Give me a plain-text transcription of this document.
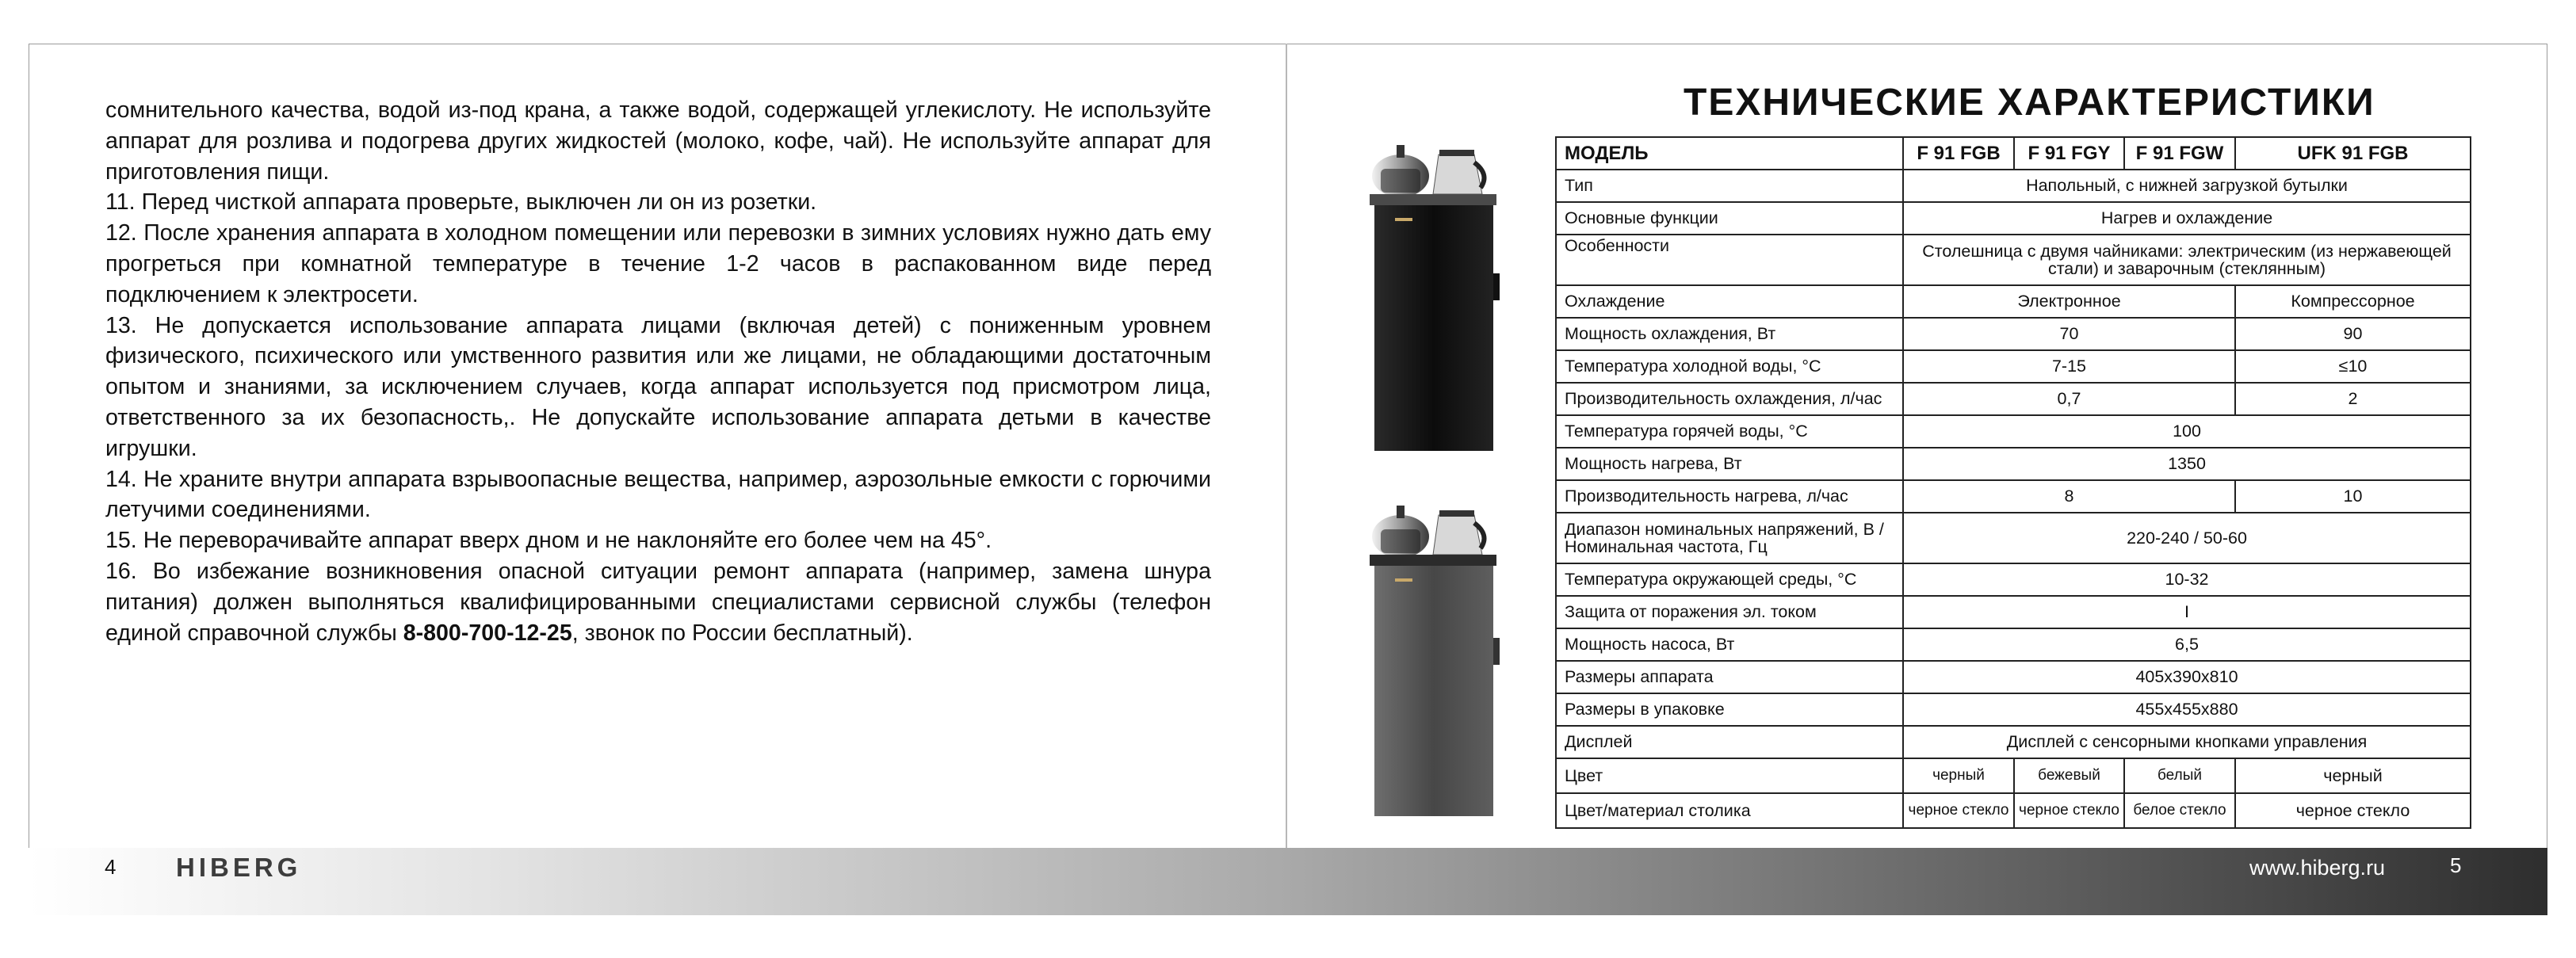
сомнительного качества, водой из-под крана, а также водой, содержащей углекислоту. Не используйте аппарат для розлива и подогрева других жидкостей (молоко, кофе, чай). Не используйте аппарат для приготовления пищи.

11. Перед чисткой аппарата проверьте, выключен ли он из розетки.

12. После хранения аппарата в холодном помещении или перевозки в зимних условиях нужно дать ему прогреться при комнатной температуре в течение 1-2 часов в распакованном виде перед подключением к электросети.

13. Не допускается использование аппарата лицами (включая детей) с пониженным уровнем физического, психического или умственного развития или же лицами, не обладающими достаточным опытом и знаниями, за исключением случаев, когда аппарат используется под присмотром лица, ответственного за их безопасность,. Не допускайте использование аппарата детьми в качестве игрушки.

14. Не храните внутри аппарата взрывоопасные вещества, например, аэрозольные емкости с горючими летучими соединениями.

15. Не переворачивайте аппарат вверх дном и не наклоняйте его более чем на 45°.

16. Во избежание возникновения опасной ситуации ремонт аппарата (например, замена шнура питания) должен выполняться квалифицированными специалистами сервисной службы (телефон единой справочной службы 8-800-700-12-25, звонок по России бесплатный).

ТЕХНИЧЕСКИЕ ХАРАКТЕРИСТИКИ
МОДЕЛЬ	F 91 FGB	F 91 FGY	F 91 FGW	UFK 91 FGB
Тип	Напольный, с нижней загрузкой бутылки			
Основные функции	Нагрев и охлаждение			
Особенности	Столешница с двумя чайниками: электрическим (из нержавеющей стали) и заварочным (стеклянным)			
Охлаждение	Электронное			Компрессорное
Мощность охлаждения, Вт	70			90
Температура холодной воды, °С	7-15			≤10
Производительность охлаждения, л/час	0,7			2
Температура горячей воды, °С	100			
Мощность нагрева, Вт	1350			
Производительность нагрева, л/час	8			10
Диапазон номинальных напряжений, В /Номинальная частота, Гц	220-240 / 50-60			
Температура окружающей среды, °С	10-32			
Защита от поражения эл. током	I			
Мощность насоса, Вт	6,5			
Размеры аппарата	405x390x810			
Размеры в упаковке	455x455x880			
Дисплей	Дисплей с сенсорными кнопками управления			
Цвет	черный	бежевый	белый	черный
Цвет/материал столика	черное стекло	черное стекло	белое стекло	черное стекло
4 HIBERG	www.hiberg.ru	5
